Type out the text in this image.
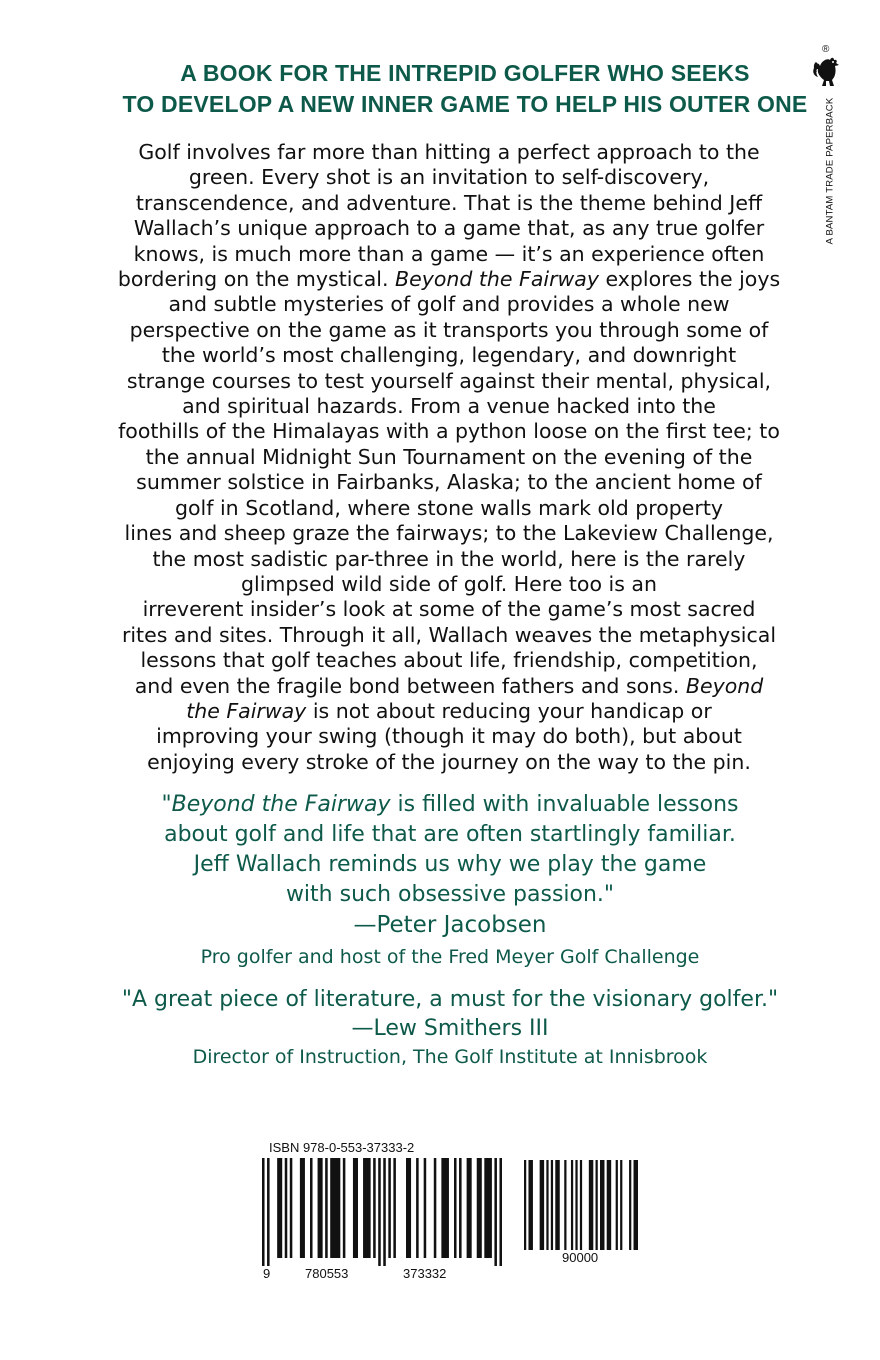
A BOOK FOR THE INTREPID GOLFER WHO SEEKS
TO DEVELOP A NEW INNER GAME TO HELP HIS OUTER ONE
®
A BANTAM TRADE PAPERBACK
Golf involves far more than hitting a perfect approach to the
green. Every shot is an invitation to self-discovery,
transcendence, and adventure. That is the theme behind Jeff
Wallach’s unique approach to a game that, as any true golfer
knows, is much more than a game — it’s an experience often
bordering on the mystical. Beyond the Fairway explores the joys
and subtle mysteries of golf and provides a whole new
perspective on the game as it transports you through some of
the world’s most challenging, legendary, and downright
strange courses to test yourself against their mental, physical,
and spiritual hazards. From a venue hacked into the
foothills of the Himalayas with a python loose on the first tee; to
the annual Midnight Sun Tournament on the evening of the
summer solstice in Fairbanks, Alaska; to the ancient home of
golf in Scotland, where stone walls mark old property
lines and sheep graze the fairways; to the Lakeview Challenge,
the most sadistic par-three in the world, here is the rarely
glimpsed wild side of golf. Here too is an
irreverent insider’s look at some of the game’s most sacred
rites and sites. Through it all, Wallach weaves the metaphysical
lessons that golf teaches about life, friendship, competition,
and even the fragile bond between fathers and sons. Beyond
the Fairway is not about reducing your handicap or
improving your swing (though it may do both), but about
enjoying every stroke of the journey on the way to the pin.
"Beyond the Fairway is filled with invaluable lessons
about golf and life that are often startlingly familiar.
Jeff Wallach reminds us why we play the game
with such obsessive passion."
—Peter Jacobsen
Pro golfer and host of the Fred Meyer Golf Challenge
"A great piece of literature, a must for the visionary golfer."
—Lew Smithers III
Director of Instruction, The Golf Institute at Innisbrook
ISBN 978-0-553-37333-2
9	780553	373332
90000
